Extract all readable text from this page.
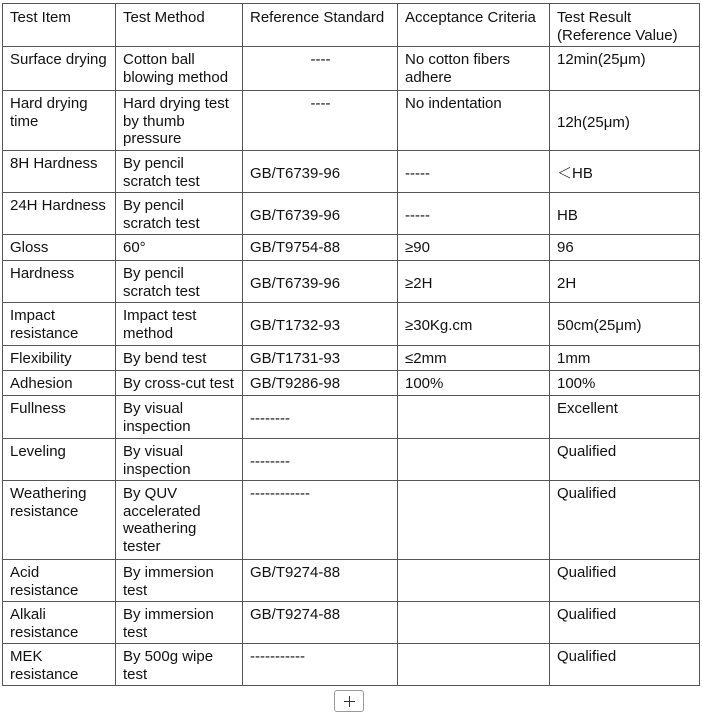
Test Item	Test Method	Reference Standard	Acceptance Criteria	Test Result (Reference Value)
Surface drying	Cotton ball blowing method	----	No cotton fibers adhere	12min(25μm)
Hard drying time	Hard drying test by thumb pressure	----	No indentation	12h(25μm)
8H Hardness	By pencil scratch test	GB/T6739-96	-----	＜HB
24H Hardness	By pencil scratch test	GB/T6739-96	-----	HB
Gloss	60°	GB/T9754-88	≥90	96
Hardness	By pencil scratch test	GB/T6739-96	≥2H	2H
Impact resistance	Impact test method	GB/T1732-93	≥30Kg.cm	50cm(25μm)
Flexibility	By bend test	GB/T1731-93	≤2mm	1mm
Adhesion	By cross-cut test	GB/T9286-98	100%	100%
Fullness	By visual inspection	--------		Excellent
Leveling	By visual inspection	--------		Qualified
Weathering resistance	By QUV accelerated weathering tester	------------		Qualified
Acid resistance	By immersion test	GB/T9274-88		Qualified
Alkali resistance	By immersion test	GB/T9274-88		Qualified
MEK resistance	By 500g wipe test	-----------		Qualified
